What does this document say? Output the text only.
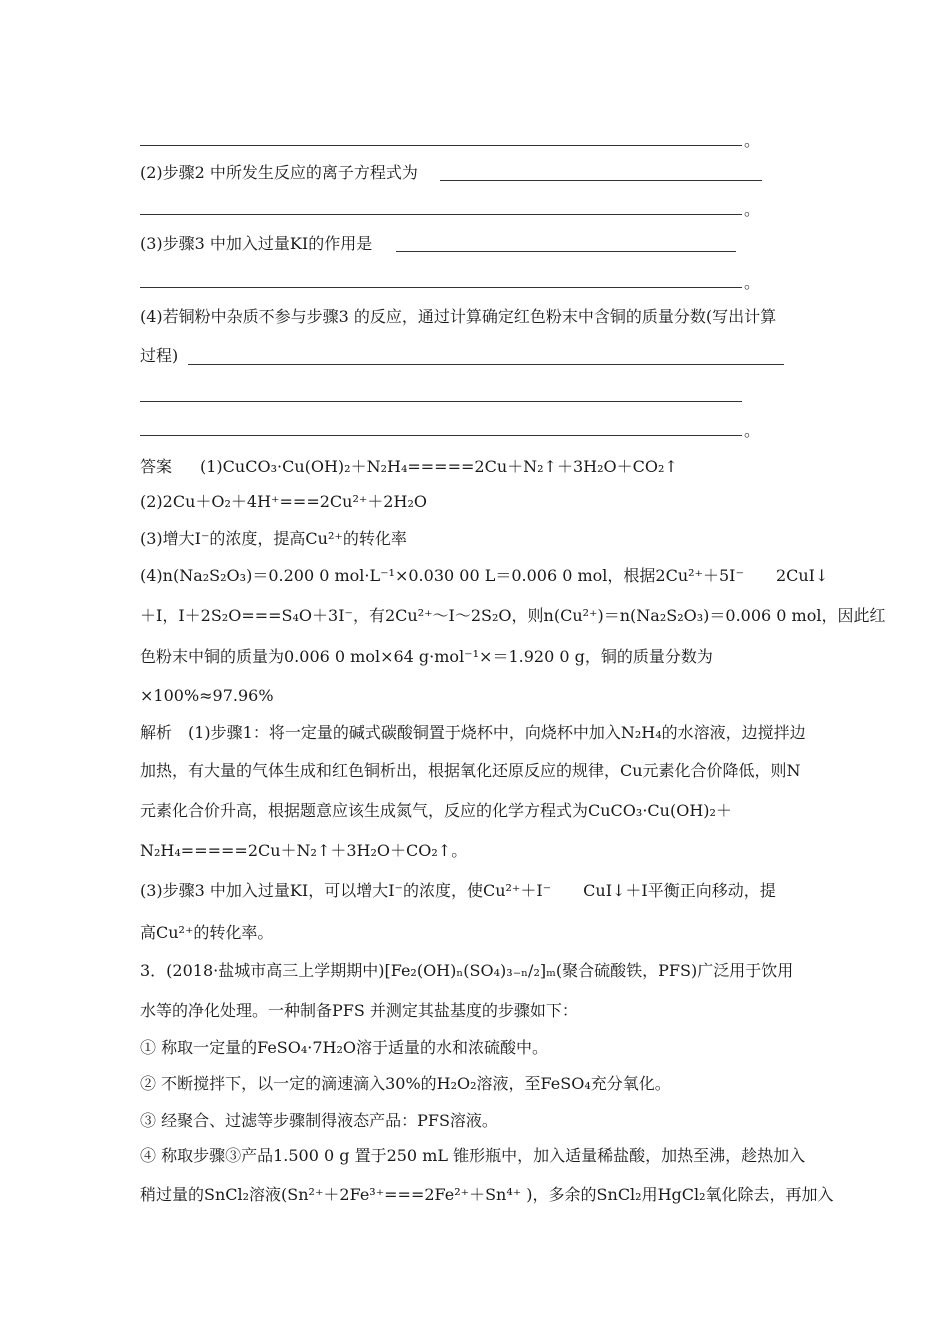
。
(2)步骤2 中所发生反应的离子方程式为
。
(3)步骤3 中加入过量KI的作用是
。
(4)若铜粉中杂质不参与步骤3 的反应，通过计算确定红色粉末中含铜的质量分数(写出计算
过程)
。
答案 (1)CuCO₃·Cu(OH)₂＋N₂H₄=====2Cu＋N₂↑＋3H₂O＋CO₂↑
(2)2Cu＋O₂＋4H⁺===2Cu²⁺＋2H₂O
(3)增大I⁻的浓度，提高Cu²⁺的转化率
(4)n(Na₂S₂O₃)＝0.200 0 mol·L⁻¹×0.030 00 L＝0.006 0 mol，根据2Cu²⁺＋5I⁻　　2CuI↓
＋I，I＋2S₂O===S₄O＋3I⁻，有2Cu²⁺～I～2S₂O，则n(Cu²⁺)＝n(Na₂S₂O₃)＝0.006 0 mol，因此红
色粉末中铜的质量为0.006 0 mol×64 g·mol⁻¹×＝1.920 0 g，铜的质量分数为
×100%≈97.96%
解析 (1)步骤1：将一定量的碱式碳酸铜置于烧杯中，向烧杯中加入N₂H₄的水溶液，边搅拌边
加热，有大量的气体生成和红色铜析出，根据氧化还原反应的规律，Cu元素化合价降低，则N
元素化合价升高，根据题意应该生成氮气，反应的化学方程式为CuCO₃·Cu(OH)₂＋
N₂H₄=====2Cu＋N₂↑＋3H₂O＋CO₂↑。
(3)步骤3 中加入过量KI，可以增大I⁻的浓度，使Cu²⁺＋I⁻　　CuI↓＋I平衡正向移动，提
高Cu²⁺的转化率。
3．(2018·盐城市高三上学期期中)[Fe₂(OH)ₙ(SO₄)₃₋ₙ/₂]ₘ(聚合硫酸铁，PFS)广泛用于饮用
水等的净化处理。一种制备PFS 并测定其盐基度的步骤如下：
① 称取一定量的FeSO₄·7H₂O溶于适量的水和浓硫酸中。
② 不断搅拌下，以一定的滴速滴入30%的H₂O₂溶液，至FeSO₄充分氧化。
③ 经聚合、过滤等步骤制得液态产品：PFS溶液。
④ 称取步骤③产品1.500 0 g 置于250 mL 锥形瓶中，加入适量稀盐酸，加热至沸，趁热加入
稍过量的SnCl₂溶液(Sn²⁺＋2Fe³⁺===2Fe²⁺＋Sn⁴⁺ )，多余的SnCl₂用HgCl₂氧化除去，再加入
